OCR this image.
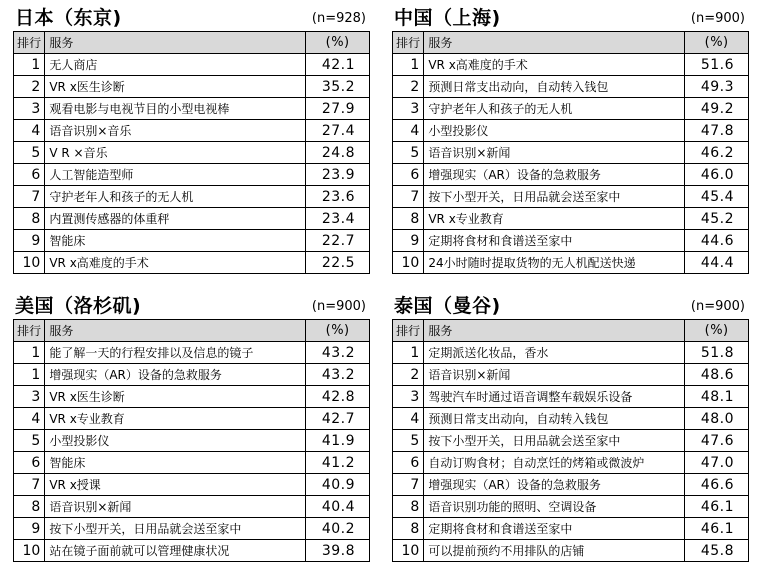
日本（东京)	(n=928)
排行	服务	(%)
1	无人商店	42.1
2	VR x医生诊断	35.2
3	观看电影与电视节目的小型电视棒	27.9
4	语音识别×音乐	27.4
5	V R ×音乐	24.8
6	人工智能造型师	23.9
7	守护老年人和孩子的无人机	23.6
8	内置测传感器的体重秤	23.4
9	智能床	22.7
10	VR x高难度的手术	22.5
中国（上海)	(n=900)
排行	服务	(%)
1	VR x高难度的手术	51.6
2	预测日常支出动向，自动转入钱包	49.3
3	守护老年人和孩子的无人机	49.2
4	小型投影仪	47.8
5	语音识别×新闻	46.2
6	增强现实（AR）设备的急救服务	46.0
7	按下小型开关，日用品就会送至家中	45.4
8	VR x专业教育	45.2
9	定期将食材和食谱送至家中	44.6
10	24小时随时提取货物的无人机配送快递	44.4
美国（洛杉矶)	(n=900)
排行	服务	(%)
1	能了解一天的行程安排以及信息的镜子	43.2
1	增强现实（AR）设备的急救服务	43.2
3	VR x医生诊断	42.8
4	VR x专业教育	42.7
5	小型投影仪	41.9
6	智能床	41.2
7	VR x授课	40.9
8	语音识别×新闻	40.4
9	按下小型开关，日用品就会送至家中	40.2
10	站在镜子面前就可以管理健康状况	39.8
泰国（曼谷)	(n=900)
排行	服务	(%)
1	定期派送化妆品，香水	51.8
2	语音识别×新闻	48.6
3	驾驶汽车时通过语音调整车载娱乐设备	48.1
4	预测日常支出动向，自动转入钱包	48.0
5	按下小型开关，日用品就会送至家中	47.6
6	自动订购食材；自动烹饪的烤箱或微波炉	47.0
7	增强现实（AR）设备的急救服务	46.6
8	语音识别功能的照明、空调设备	46.1
8	定期将食材和食谱送至家中	46.1
10	可以提前预约不用排队的店铺	45.8
